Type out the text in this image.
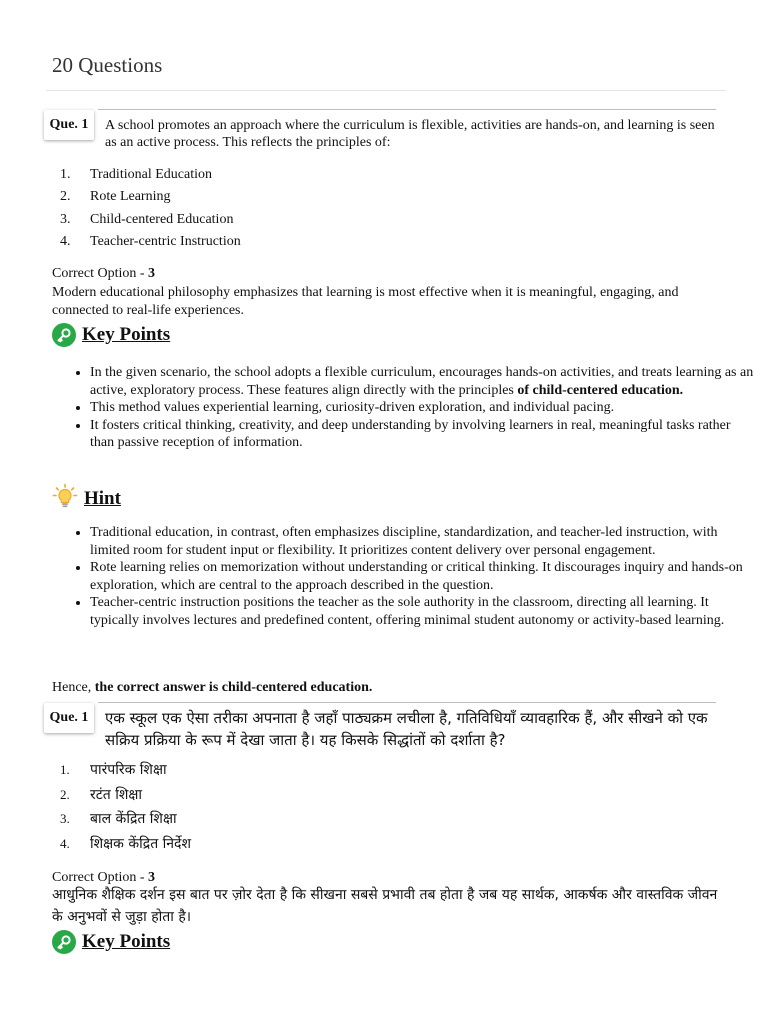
20 Questions
Que. 1	A school promotes an approach where the curriculum is flexible, activities are hands-on, and learning is seen as an active process. This reflects the principles of:
1. Traditional Education
2. Rote Learning
3. Child-centered Education
4. Teacher-centric Instruction
Correct Option - 3
Modern educational philosophy emphasizes that learning is most effective when it is meaningful, engaging, and connected to real-life experiences.
Key Points
• In the given scenario, the school adopts a flexible curriculum, encourages hands-on activities, and treats learning as an active, exploratory process. These features align directly with the principles of child-centered education.
• This method values experiential learning, curiosity-driven exploration, and individual pacing.
• It fosters critical thinking, creativity, and deep understanding by involving learners in real, meaningful tasks rather than passive reception of information.
Hint
• Traditional education, in contrast, often emphasizes discipline, standardization, and teacher-led instruction, with limited room for student input or flexibility. It prioritizes content delivery over personal engagement.
• Rote learning relies on memorization without understanding or critical thinking. It discourages inquiry and hands-on exploration, which are central to the approach described in the question.
• Teacher-centric instruction positions the teacher as the sole authority in the classroom, directing all learning. It typically involves lectures and predefined content, offering minimal student autonomy or activity-based learning.
Hence, the correct answer is child-centered education.
Que. 1	एक स्कूल एक ऐसा तरीका अपनाता है जहाँ पाठ्यक्रम लचीला है, गतिविधियाँ व्यावहारिक हैं, और सीखने को एक सक्रिय प्रक्रिया के रूप में देखा जाता है। यह किसके सिद्धांतों को दर्शाता है?
1. पारंपरिक शिक्षा
2. रटंत शिक्षा
3. बाल केंद्रित शिक्षा
4. शिक्षक केंद्रित निर्देश
Correct Option - 3
आधुनिक शैक्षिक दर्शन इस बात पर ज़ोर देता है कि सीखना सबसे प्रभावी तब होता है जब यह सार्थक, आकर्षक और वास्तविक जीवन के अनुभवों से जुड़ा होता है।
Key Points
